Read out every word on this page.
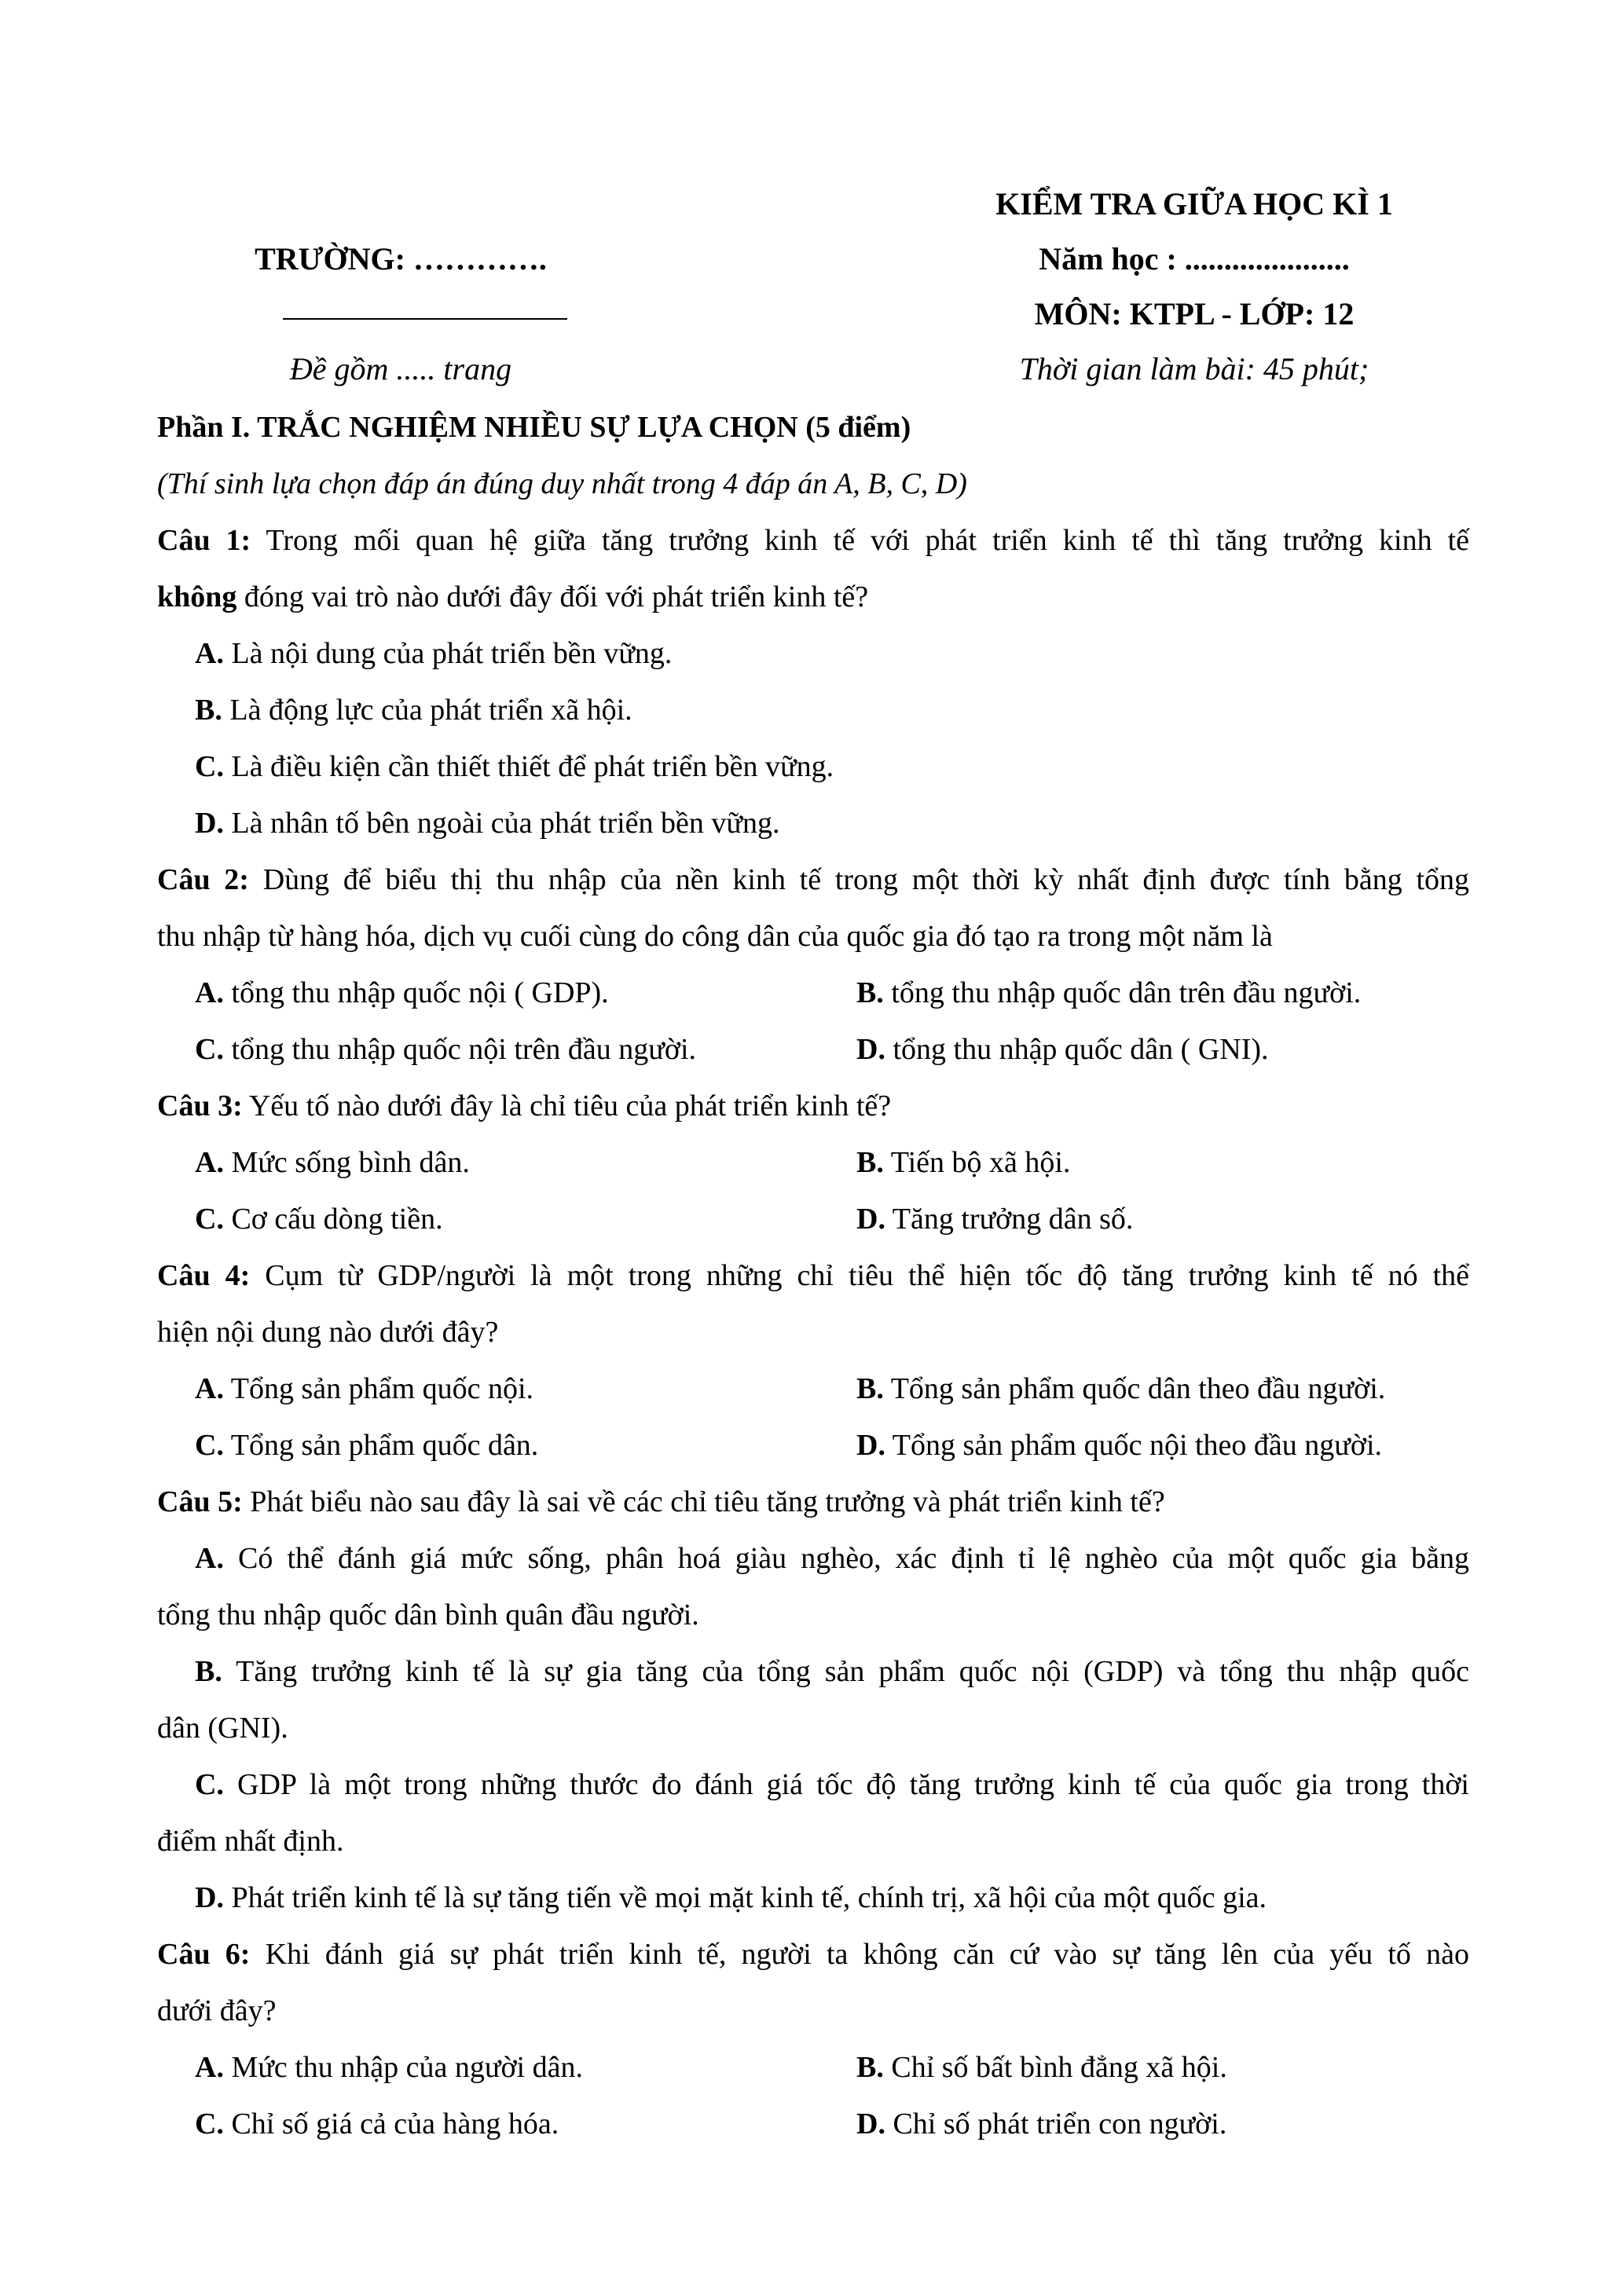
KIỂM TRA GIỮA HỌC KÌ 1
TRƯỜNG: ………….	Năm học : .....................
MÔN: KTPL - LỚP: 12
Đề gồm ..... trang	Thời gian làm bài: 45 phút;
Phần I. TRẮC NGHIỆM NHIỀU SỰ LỰA CHỌN (5 điểm)
(Thí sinh lựa chọn đáp án đúng duy nhất trong 4 đáp án A, B, C, D)
Câu 1: Trong mối quan hệ giữa tăng trưởng kinh tế với phát triển kinh tế thì tăng trưởng kinh tế
không đóng vai trò nào dưới đây đối với phát triển kinh tế?
A. Là nội dung của phát triển bền vững.
B. Là động lực của phát triển xã hội.
C. Là điều kiện cần thiết thiết để phát triển bền vững.
D. Là nhân tố bên ngoài của phát triển bền vững.
Câu 2: Dùng để biểu thị thu nhập của nền kinh tế trong một thời kỳ nhất định được tính bằng tổng
thu nhập từ hàng hóa, dịch vụ cuối cùng do công dân của quốc gia đó tạo ra trong một năm là
A. tổng thu nhập quốc nội ( GDP).	B. tổng thu nhập quốc dân trên đầu người.
C. tổng thu nhập quốc nội trên đầu người.	D. tổng thu nhập quốc dân ( GNI).
Câu 3: Yếu tố nào dưới đây là chỉ tiêu của phát triển kinh tế?
A. Mức sống bình dân.	B. Tiến bộ xã hội.
C. Cơ cấu dòng tiền.	D. Tăng trưởng dân số.
Câu 4: Cụm từ GDP/người là một trong những chỉ tiêu thể hiện tốc độ tăng trưởng kinh tế nó thể
hiện nội dung nào dưới đây?
A. Tổng sản phẩm quốc nội.	B. Tổng sản phẩm quốc dân theo đầu người.
C. Tổng sản phẩm quốc dân.	D. Tổng sản phẩm quốc nội theo đầu người.
Câu 5: Phát biểu nào sau đây là sai về các chỉ tiêu tăng trưởng và phát triển kinh tế?
A. Có thể đánh giá mức sống, phân hoá giàu nghèo, xác định tỉ lệ nghèo của một quốc gia bằng
tổng thu nhập quốc dân bình quân đầu người.
B. Tăng trưởng kinh tế là sự gia tăng của tổng sản phẩm quốc nội (GDP) và tổng thu nhập quốc
dân (GNI).
C. GDP là một trong những thước đo đánh giá tốc độ tăng trưởng kinh tế của quốc gia trong thời
điểm nhất định.
D. Phát triển kinh tế là sự tăng tiến về mọi mặt kinh tế, chính trị, xã hội của một quốc gia.
Câu 6: Khi đánh giá sự phát triển kinh tế, người ta không căn cứ vào sự tăng lên của yếu tố nào
dưới đây?
A. Mức thu nhập của người dân.	B. Chỉ số bất bình đẳng xã hội.
C. Chỉ số giá cả của hàng hóa.	D. Chỉ số phát triển con người.
